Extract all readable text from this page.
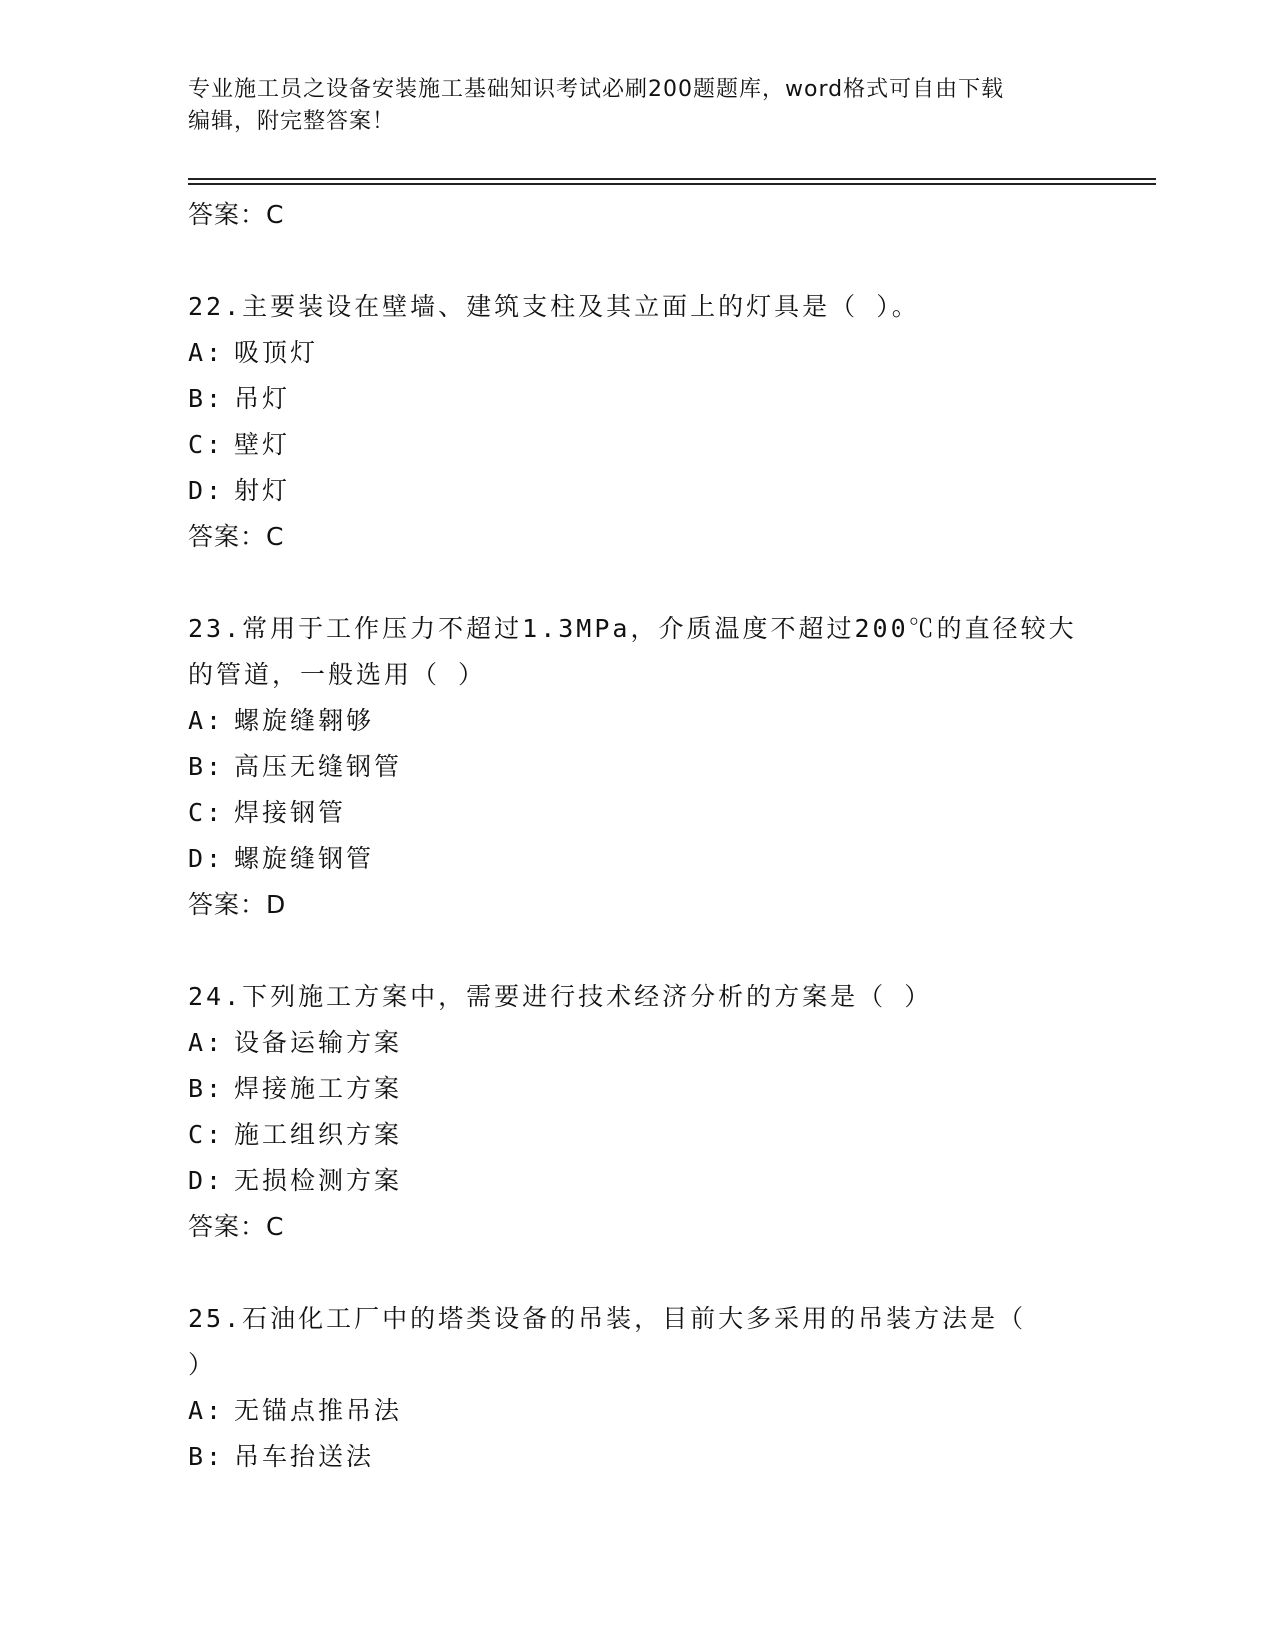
专业施工员之设备安装施工基础知识考试必刷200题题库，word格式可自由下载
编辑，附完整答案！
答案：C
22.主要装设在壁墙、建筑支柱及其立面上的灯具是（ ）。
A: 吸顶灯
B: 吊灯
C: 壁灯
D: 射灯
答案：C
23.常用于工作压力不超过1.3MPa，介质温度不超过200℃的直径较大
的管道，一般选用（ ）
A: 螺旋缝翱够
B: 高压无缝钢管
C: 焊接钢管
D: 螺旋缝钢管
答案：D
24.下列施工方案中，需要进行技术经济分析的方案是（ ）
A: 设备运输方案
B: 焊接施工方案
C: 施工组织方案
D: 无损检测方案
答案：C
25.石油化工厂中的塔类设备的吊装，目前大多采用的吊装方法是（
）
A: 无锚点推吊法
B: 吊车抬送法
